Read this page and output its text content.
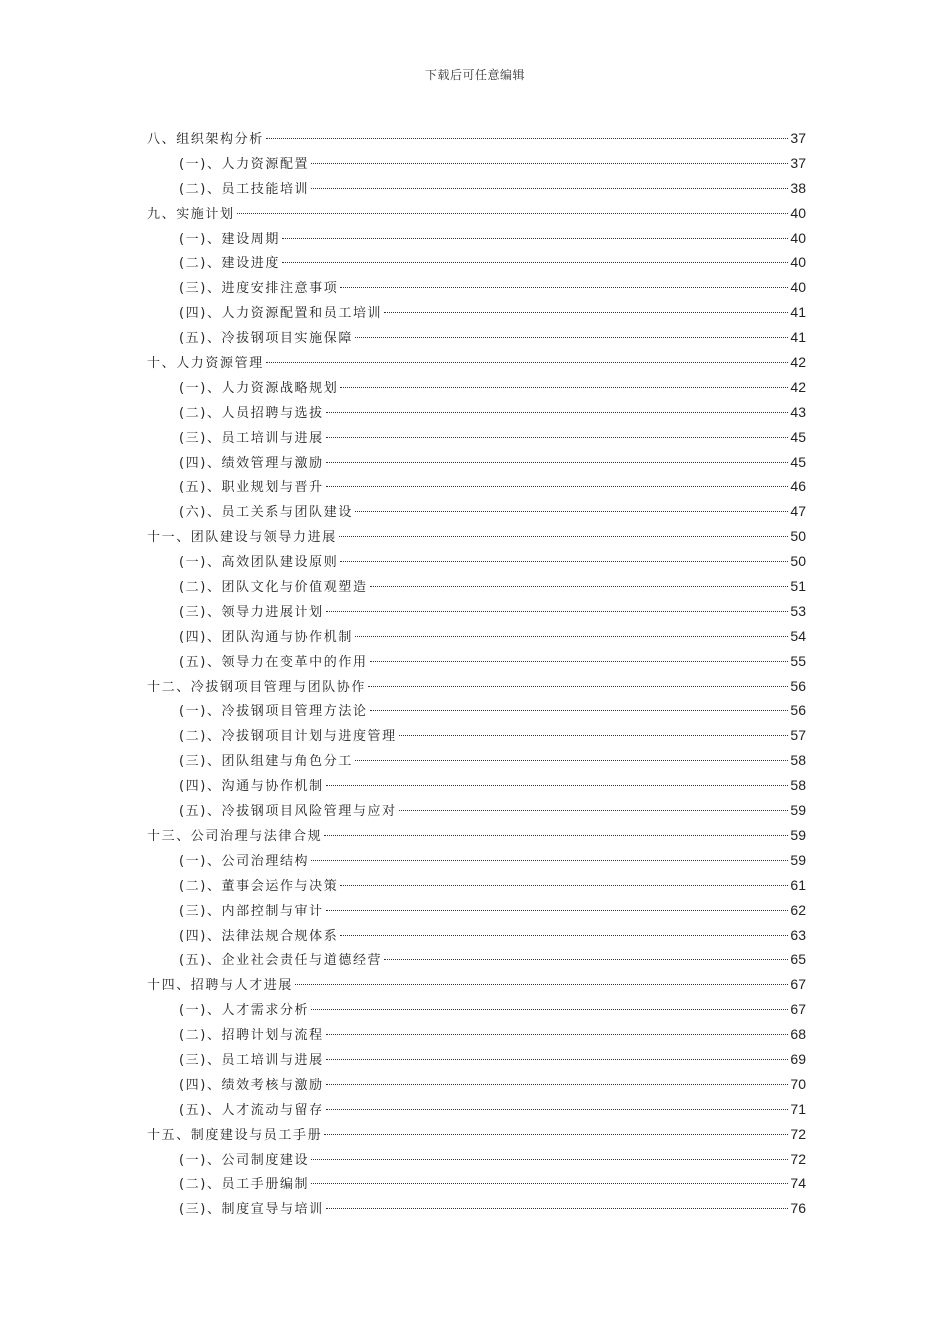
下载后可任意编辑
八、组织架构分析	37
(一)、人力资源配置	37
(二)、员工技能培训	38
九、实施计划	40
(一)、建设周期	40
(二)、建设进度	40
(三)、进度安排注意事项	40
(四)、人力资源配置和员工培训	41
(五)、冷拔钢项目实施保障	41
十、人力资源管理	42
(一)、人力资源战略规划	42
(二)、人员招聘与选拔	43
(三)、员工培训与进展	45
(四)、绩效管理与激励	45
(五)、职业规划与晋升	46
(六)、员工关系与团队建设	47
十一、团队建设与领导力进展	50
(一)、高效团队建设原则	50
(二)、团队文化与价值观塑造	51
(三)、领导力进展计划	53
(四)、团队沟通与协作机制	54
(五)、领导力在变革中的作用	55
十二、冷拔钢项目管理与团队协作	56
(一)、冷拔钢项目管理方法论	56
(二)、冷拔钢项目计划与进度管理	57
(三)、团队组建与角色分工	58
(四)、沟通与协作机制	58
(五)、冷拔钢项目风险管理与应对	59
十三、公司治理与法律合规	59
(一)、公司治理结构	59
(二)、董事会运作与决策	61
(三)、内部控制与审计	62
(四)、法律法规合规体系	63
(五)、企业社会责任与道德经营	65
十四、招聘与人才进展	67
(一)、人才需求分析	67
(二)、招聘计划与流程	68
(三)、员工培训与进展	69
(四)、绩效考核与激励	70
(五)、人才流动与留存	71
十五、制度建设与员工手册	72
(一)、公司制度建设	72
(二)、员工手册编制	74
(三)、制度宣导与培训	76
